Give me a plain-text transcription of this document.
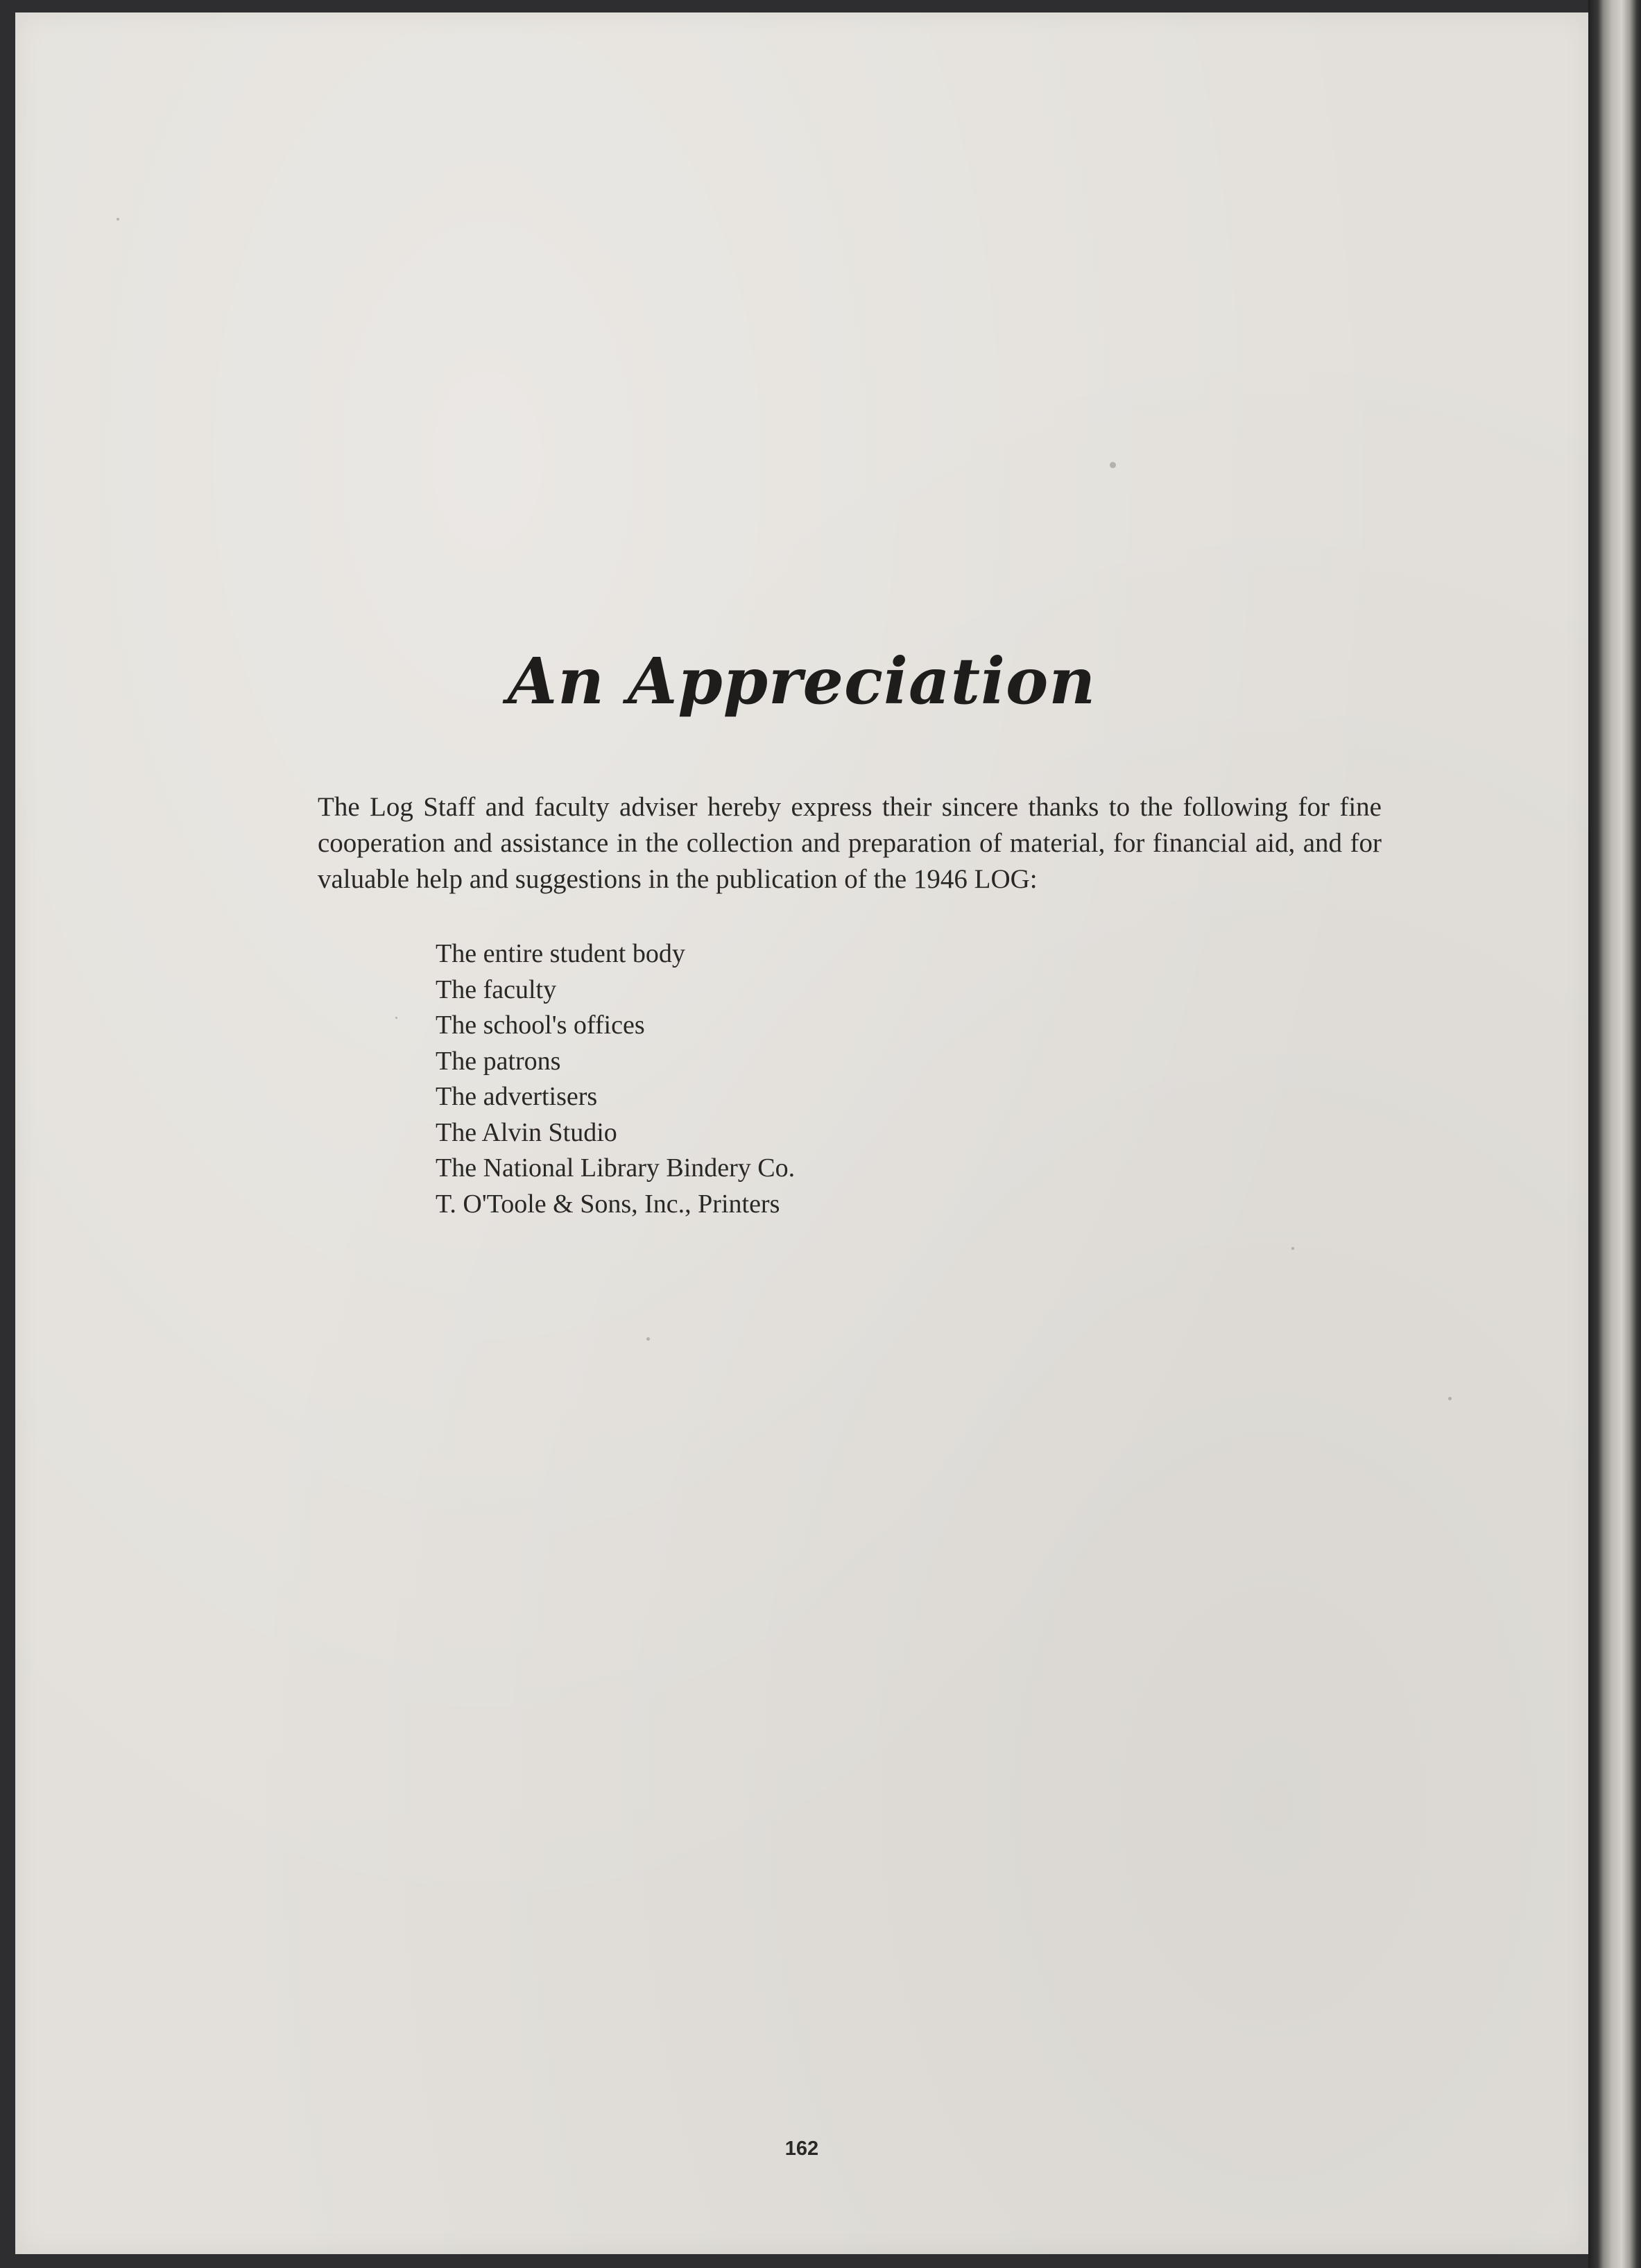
An Appreciation

The Log Staff and faculty adviser hereby express their sincere thanks to the following for fine cooperation and assistance in the collection and preparation of material, for financial aid, and for valuable help and suggestions in the publication of the 1946 LOG:

The entire student body
The faculty
The school's offices
The patrons
The advertisers
The Alvin Studio
The National Library Bindery Co.
T. O'Toole & Sons, Inc., Printers
162
